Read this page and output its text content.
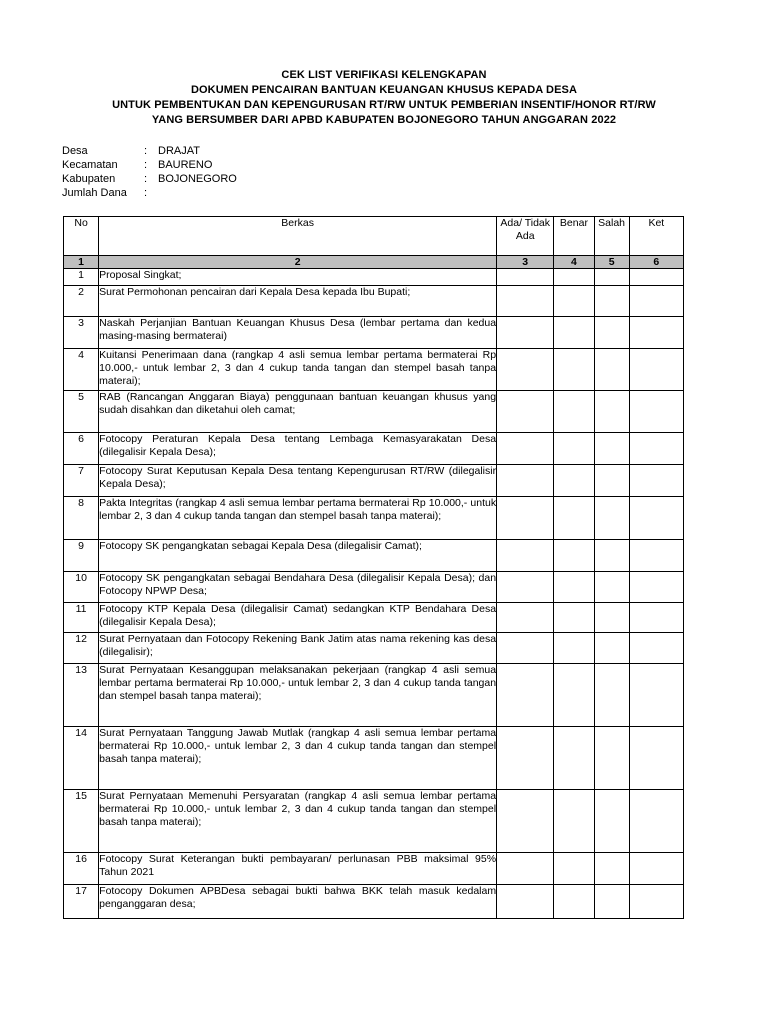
CEK LIST VERIFIKASI KELENGKAPAN
DOKUMEN PENCAIRAN BANTUAN KEUANGAN KHUSUS KEPADA DESA
UNTUK PEMBENTUKAN DAN KEPENGURUSAN RT/RW UNTUK PEMBERIAN INSENTIF/HONOR RT/RW
YANG BERSUMBER DARI APBD KABUPATEN BOJONEGORO TAHUN ANGGARAN 2022
Desa	: DRAJAT
Kecamatan	: BAURENO
Kabupaten	: BOJONEGORO
Jumlah Dana	:
No	Berkas	Ada/ Tidak Ada	Benar	Salah	Ket
1	2	3	4	5	6
1	Proposal Singkat;				
2	Surat Permohonan pencairan dari Kepala Desa kepada Ibu Bupati;				
3	Naskah Perjanjian Bantuan Keuangan Khusus Desa (lembar pertama dan kedua masing-masing bermaterai)				
4	Kuitansi Penerimaan dana (rangkap 4 asli semua lembar pertama bermaterai Rp 10.000,- untuk lembar 2, 3 dan 4 cukup tanda tangan dan stempel basah tanpa materai);				
5	RAB (Rancangan Anggaran Biaya) penggunaan bantuan keuangan khusus yang sudah disahkan dan diketahui oleh camat;				
6	Fotocopy Peraturan Kepala Desa tentang Lembaga Kemasyarakatan Desa (dilegalisir Kepala Desa);				
7	Fotocopy Surat Keputusan Kepala Desa tentang Kepengurusan RT/RW (dilegalisir Kepala Desa);				
8	Pakta Integritas (rangkap 4 asli semua lembar pertama bermaterai Rp 10.000,- untuk lembar 2, 3 dan 4 cukup tanda tangan dan stempel basah tanpa materai);				
9	Fotocopy SK pengangkatan sebagai Kepala Desa (dilegalisir Camat);				
10	Fotocopy SK pengangkatan sebagai Bendahara Desa (dilegalisir Kepala Desa); dan Fotocopy NPWP Desa;				
11	Fotocopy KTP Kepala Desa (dilegalisir Camat) sedangkan KTP Bendahara Desa (dilegalisir Kepala Desa);				
12	Surat Pernyataan dan Fotocopy Rekening Bank Jatim atas nama rekening kas desa (dilegalisir);				
13	Surat Pernyataan Kesanggupan melaksanakan pekerjaan (rangkap 4 asli semua lembar pertama bermaterai Rp 10.000,- untuk lembar 2, 3 dan 4 cukup tanda tangan dan stempel basah tanpa materai);				
14	Surat Pernyataan Tanggung Jawab Mutlak (rangkap 4 asli semua lembar pertama bermaterai Rp 10.000,- untuk lembar 2, 3 dan 4 cukup tanda tangan dan stempel basah tanpa materai);				
15	Surat Pernyataan Memenuhi Persyaratan (rangkap 4 asli semua lembar pertama bermaterai Rp 10.000,- untuk lembar 2, 3 dan 4 cukup tanda tangan dan stempel basah tanpa materai);				
16	Fotocopy Surat Keterangan bukti pembayaran/ perlunasan PBB maksimal 95% Tahun 2021				
17	Fotocopy Dokumen APBDesa sebagai bukti bahwa BKK telah masuk kedalam penganggaran desa;				
